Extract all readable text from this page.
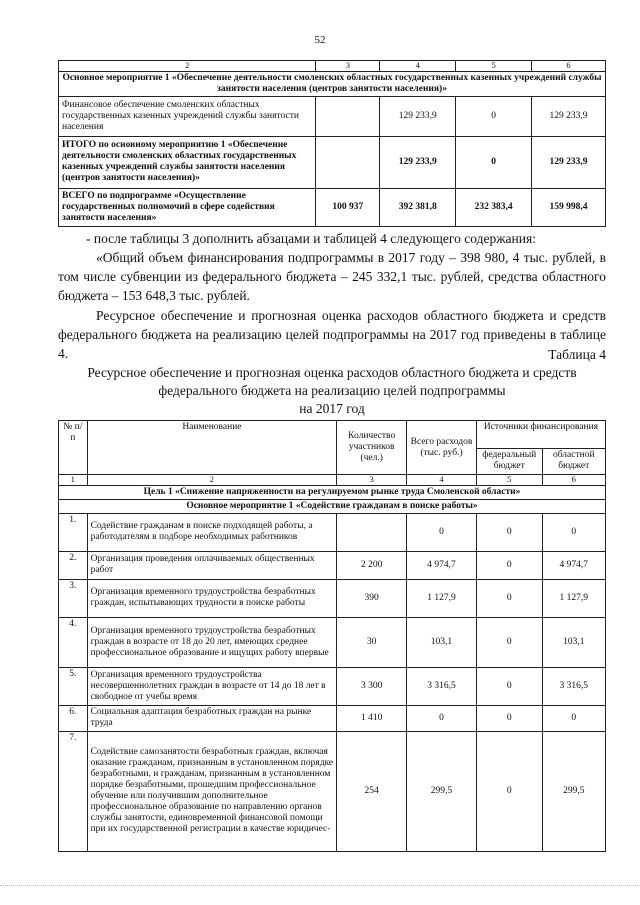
52
2	3	4	5	6
Основное мероприятие 1 «Обеспечение деятельности смоленских областных государственных казенных учреждений службы занятости населения (центров занятости населения)»				
Финансовое обеспечение смоленских областных государственных казенных учреждений службы занятости населения		129 233,9	0	129 233,9
ИТОГО по основному мероприятию 1 «Обеспечение деятельности смоленских областных государственных казенных учреждений службы занятости населения (центров занятости населения)»		129 233,9	0	129 233,9
ВСЕГО по подпрограмме «Осуществление государственных полномочий в сфере содействия занятости населения»	100 937	392 381,8	232 383,4	159 998,4
- после таблицы 3 дополнить абзацами и таблицей 4 следующего содержания:
«Общий объем финансирования подпрограммы в 2017 году – 398 980, 4 тыс. рублей, в том числе субвенции из федерального бюджета – 245 332,1 тыс. рублей, средства областного бюджета – 153 648,3 тыс. рублей.
Ресурсное обеспечение и прогнозная оценка расходов областного бюджета и средств федерального бюджета на реализацию целей подпрограммы на 2017 год приведены в таблице 4.	Таблица 4
Ресурсное обеспечение и прогнозная оценка расходов областного бюджета и средств
федерального бюджета на реализацию целей подпрограммы
на 2017 год
№ п/п	Наименование	Количество участников (чел.)	Всего расходов (тыс. руб.)	Источники финансирования	
				федеральный бюджет	областной бюджет
1	2	3	4	5	6
Цель 1 «Снижение напряженности на регулируемом рынке труда Смоленской области»					
Основное мероприятие 1 «Содействие гражданам в поиске работы»					
1.	Содействие гражданам в поиске подходящей работы, а работодателям в подборе необходимых работников		0	0	0
2.	Организация проведения оплачиваемых общественных работ	2 200	4 974,7	0	4 974,7
3.	Организация временного трудоустройства безработных граждан, испытывающих трудности в поиске работы	390	1 127,9	0	1 127,9
4.	Организация временного трудоустройства безработных граждан в возрасте от 18 до 20 лет, имеющих среднее профессиональное образование и ищущих работу впервые	30	103,1	0	103,1
5.	Организация временного трудоустройства несовершеннолетних граждан в возрасте от 14 до 18 лет в свободное от учебы время	3 300	3 316,5	0	3 316,5
6.	Социальная адаптация безработных граждан на рынке труда	1 410	0	0	0
7.	Содействие самозанятости безработных граждан, включая оказание гражданам, признанным в установленном порядке безработными, и гражданам, признанным в установленном порядке безработными, прошедшим профессиональное обучение или получившим дополнительное профессиональное образование по направлению органов службы занятости, единовременной финансовой помощи при их государственной регистрации в качестве юридичес-	254	299,5	0	299,5
